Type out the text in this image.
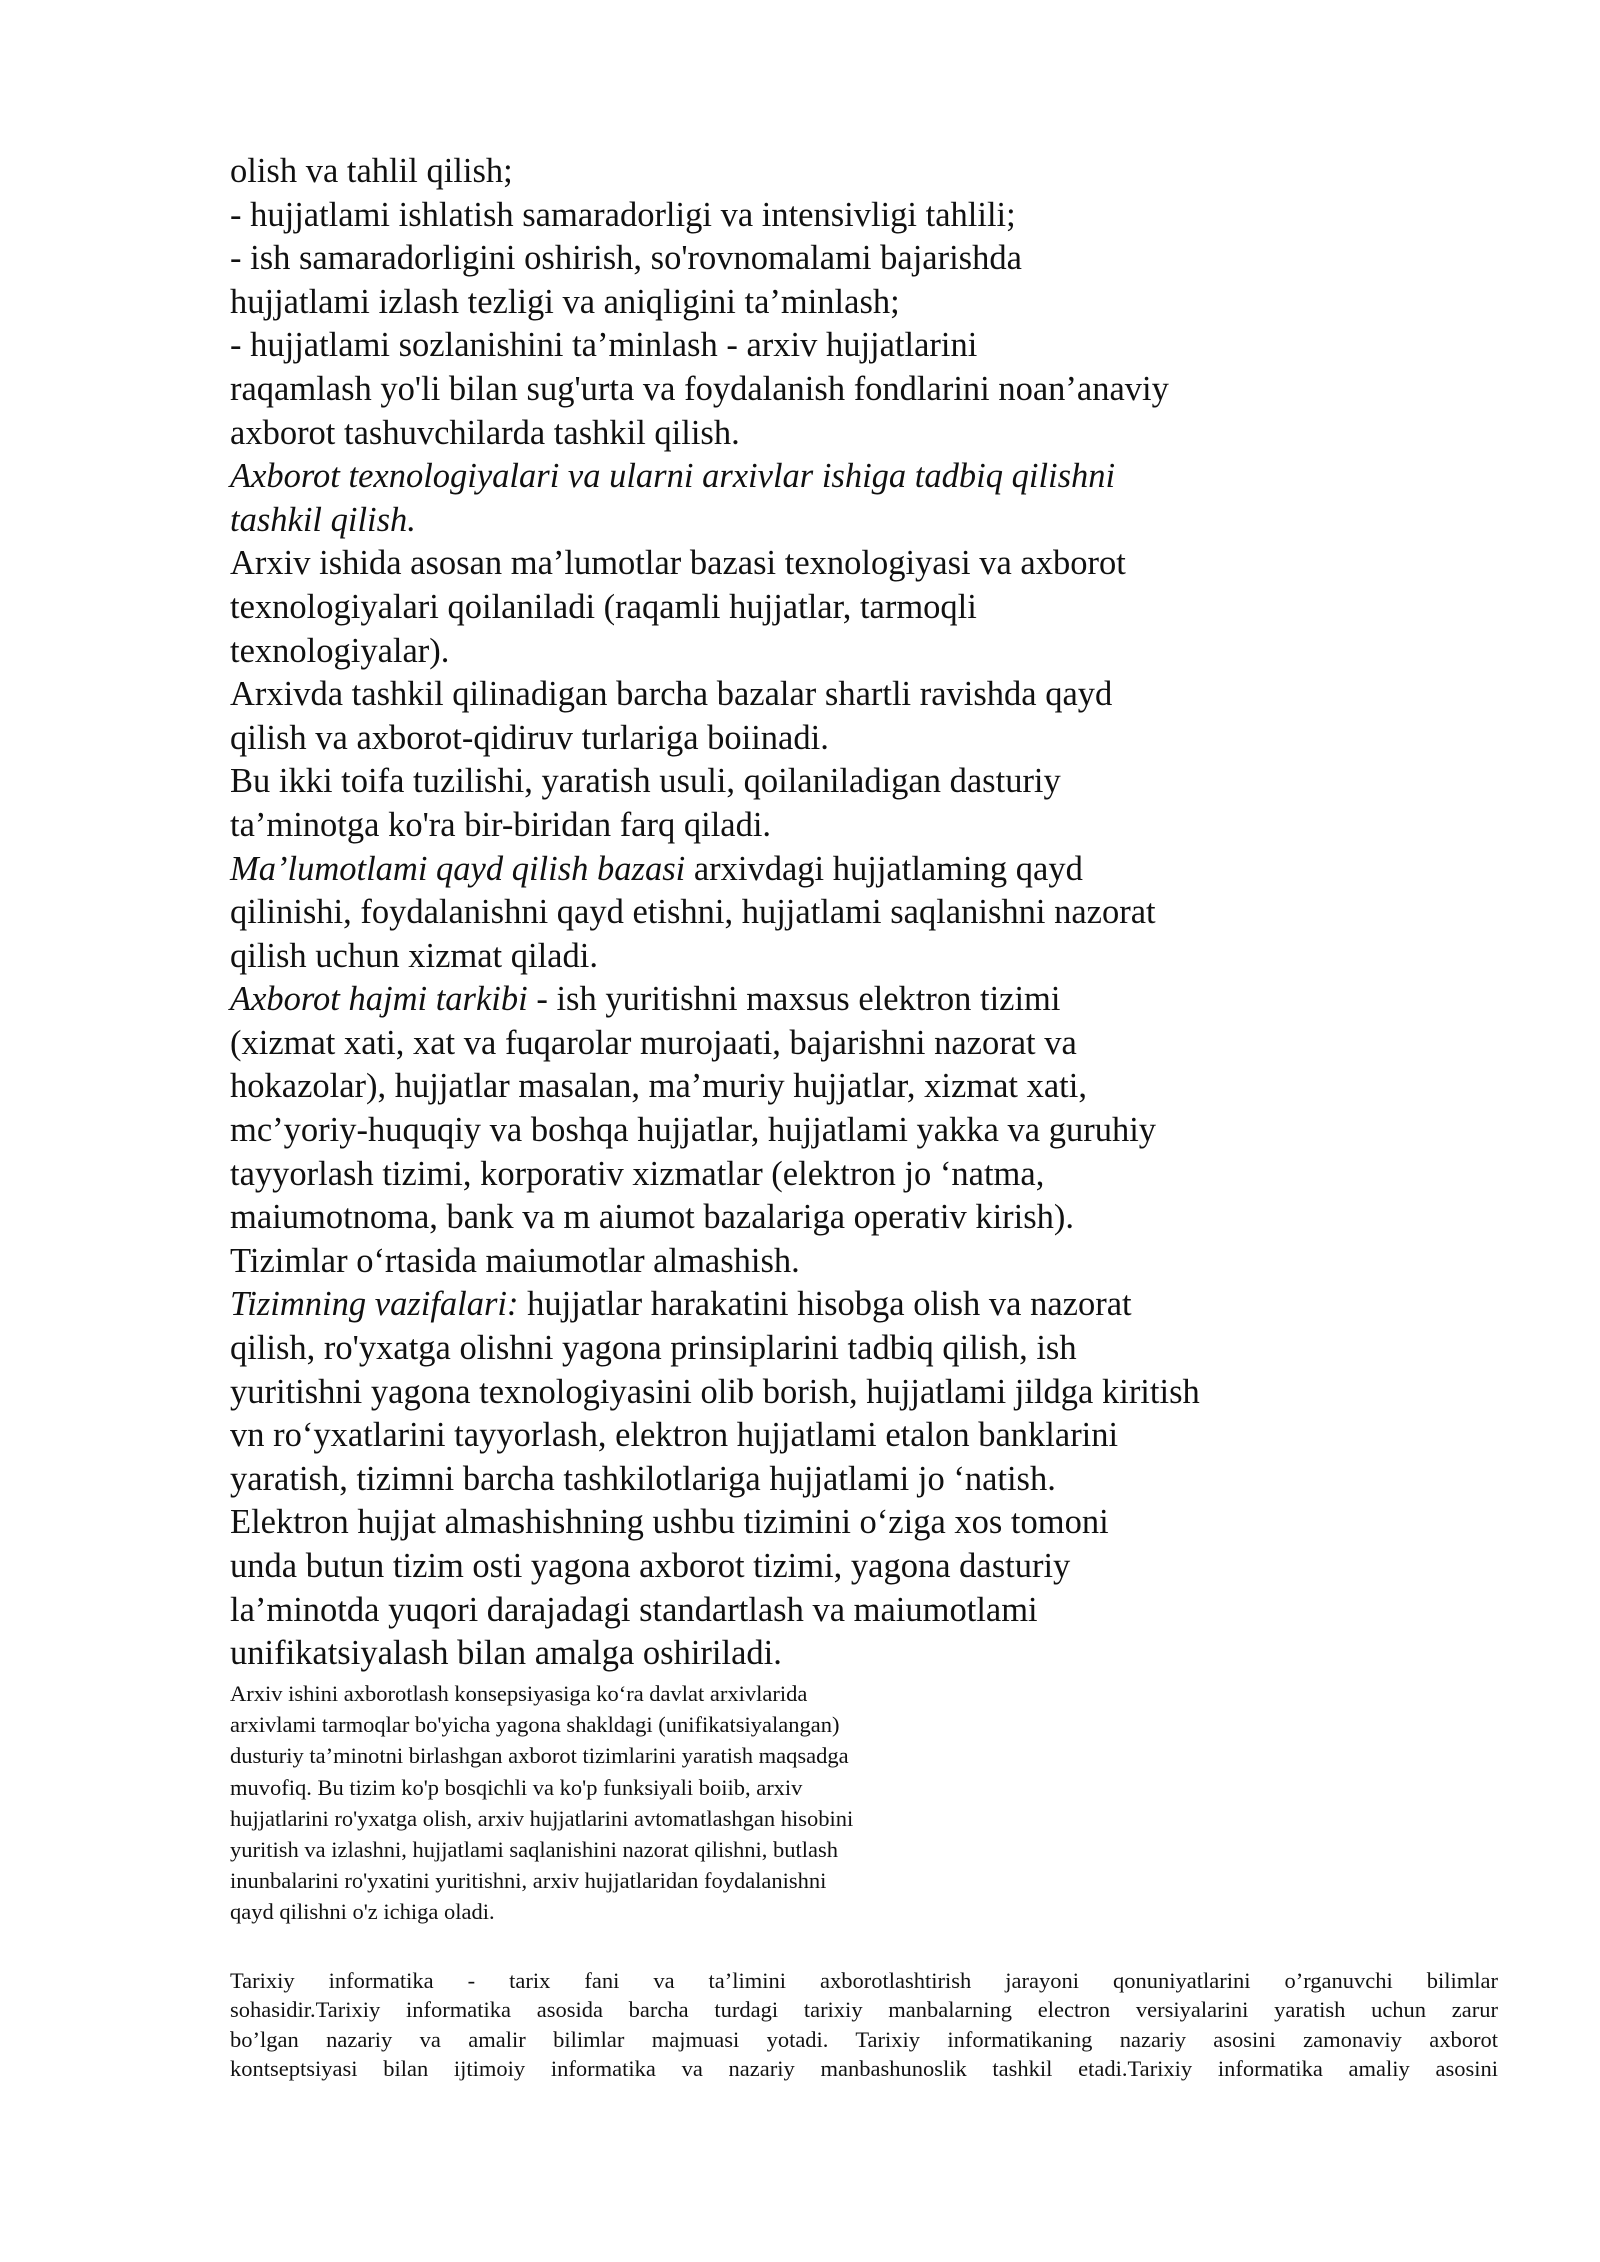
olish va tahlil qilish;
- hujjatlami ishlatish samaradorligi va intensivligi tahlili;
- ish samaradorligini oshirish, so'rovnomalami bajarishda
hujjatlami izlash tezligi va aniqligini ta’minlash;
- hujjatlami sozlanishini ta’minlash - arxiv hujjatlarini
raqamlash yo'li bilan sug'urta va foydalanish fondlarini noan’anaviy
axborot tashuvchilarda tashkil qilish.
Axborot texnologiyalari va ularni arxivlar ishiga tadbiq qilishni
tashkil qilish.
Arxiv ishida asosan ma’lumotlar bazasi texnologiyasi va axborot
texnologiyalari qoilaniladi (raqamli hujjatlar, tarmoqli
texnologiyalar).
Arxivda tashkil qilinadigan barcha bazalar shartli ravishda qayd
qilish va axborot-qidiruv turlariga boiinadi.
Bu ikki toifa tuzilishi, yaratish usuli, qoilaniladigan dasturiy
ta’minotga ko'ra bir-biridan farq qiladi.
Ma’lumotlami qayd qilish bazasi arxivdagi hujjatlaming qayd
qilinishi, foydalanishni qayd etishni, hujjatlami saqlanishni nazorat
qilish uchun xizmat qiladi.
Axborot hajmi tarkibi - ish yuritishni maxsus elektron tizimi
(xizmat xati, xat va fuqarolar murojaati, bajarishni nazorat va
hokazolar), hujjatlar masalan, ma’muriy hujjatlar, xizmat xati,
mc’yoriy-huquqiy va boshqa hujjatlar, hujjatlami yakka va guruhiy
tayyorlash tizimi, korporativ xizmatlar (elektron jo ‘natma,
maiumotnoma, bank va m aiumot bazalariga operativ kirish).
Tizimlar o‘rtasida maiumotlar almashish.
Tizimning vazifalari: hujjatlar harakatini hisobga olish va nazorat
qilish, ro'yxatga olishni yagona prinsiplarini tadbiq qilish, ish
yuritishni yagona texnologiyasini olib borish, hujjatlami jildga kiritish
vn ro‘yxatlarini tayyorlash, elektron hujjatlami etalon banklarini
yaratish, tizimni barcha tashkilotlariga hujjatlami jo ‘natish.
Elektron hujjat almashishning ushbu tizimini o‘ziga xos tomoni
unda butun tizim osti yagona axborot tizimi, yagona dasturiy
la’minotda yuqori darajadagi standartlash va maiumotlami
unifikatsiyalash bilan amalga oshiriladi.
Arxiv ishini axborotlash konsepsiyasiga ko‘ra davlat arxivlarida
arxivlami tarmoqlar bo'yicha yagona shakldagi (unifikatsiyalangan)
dusturiy ta’minotni birlashgan axborot tizimlarini yaratish maqsadga
muvofiq. Bu tizim ko'p bosqichli va ko'p funksiyali boiib, arxiv
hujjatlarini ro'yxatga olish, arxiv hujjatlarini avtomatlashgan hisobini
yuritish va izlashni, hujjatlami saqlanishini nazorat qilishni, butlash
inunbalarini ro'yxatini yuritishni, arxiv hujjatlaridan foydalanishni
qayd qilishni o'z ichiga oladi.
Tarixiy informatika - tarix fani va ta’limini axborotlashtirish jarayoni qonuniyatlarini o’rganuvchi bilimlar
sohasidir.Tarixiy informatika asosida barcha turdagi tarixiy manbalarning electron versiyalarini yaratish uchun zarur
bo’lgan nazariy va amalir bilimlar majmuasi yotadi. Tarixiy informatikaning nazariy asosini zamonaviy axborot
kontseptsiyasi bilan ijtimoiy informatika va nazariy manbashunoslik tashkil etadi.Tarixiy informatika amaliy asosini
